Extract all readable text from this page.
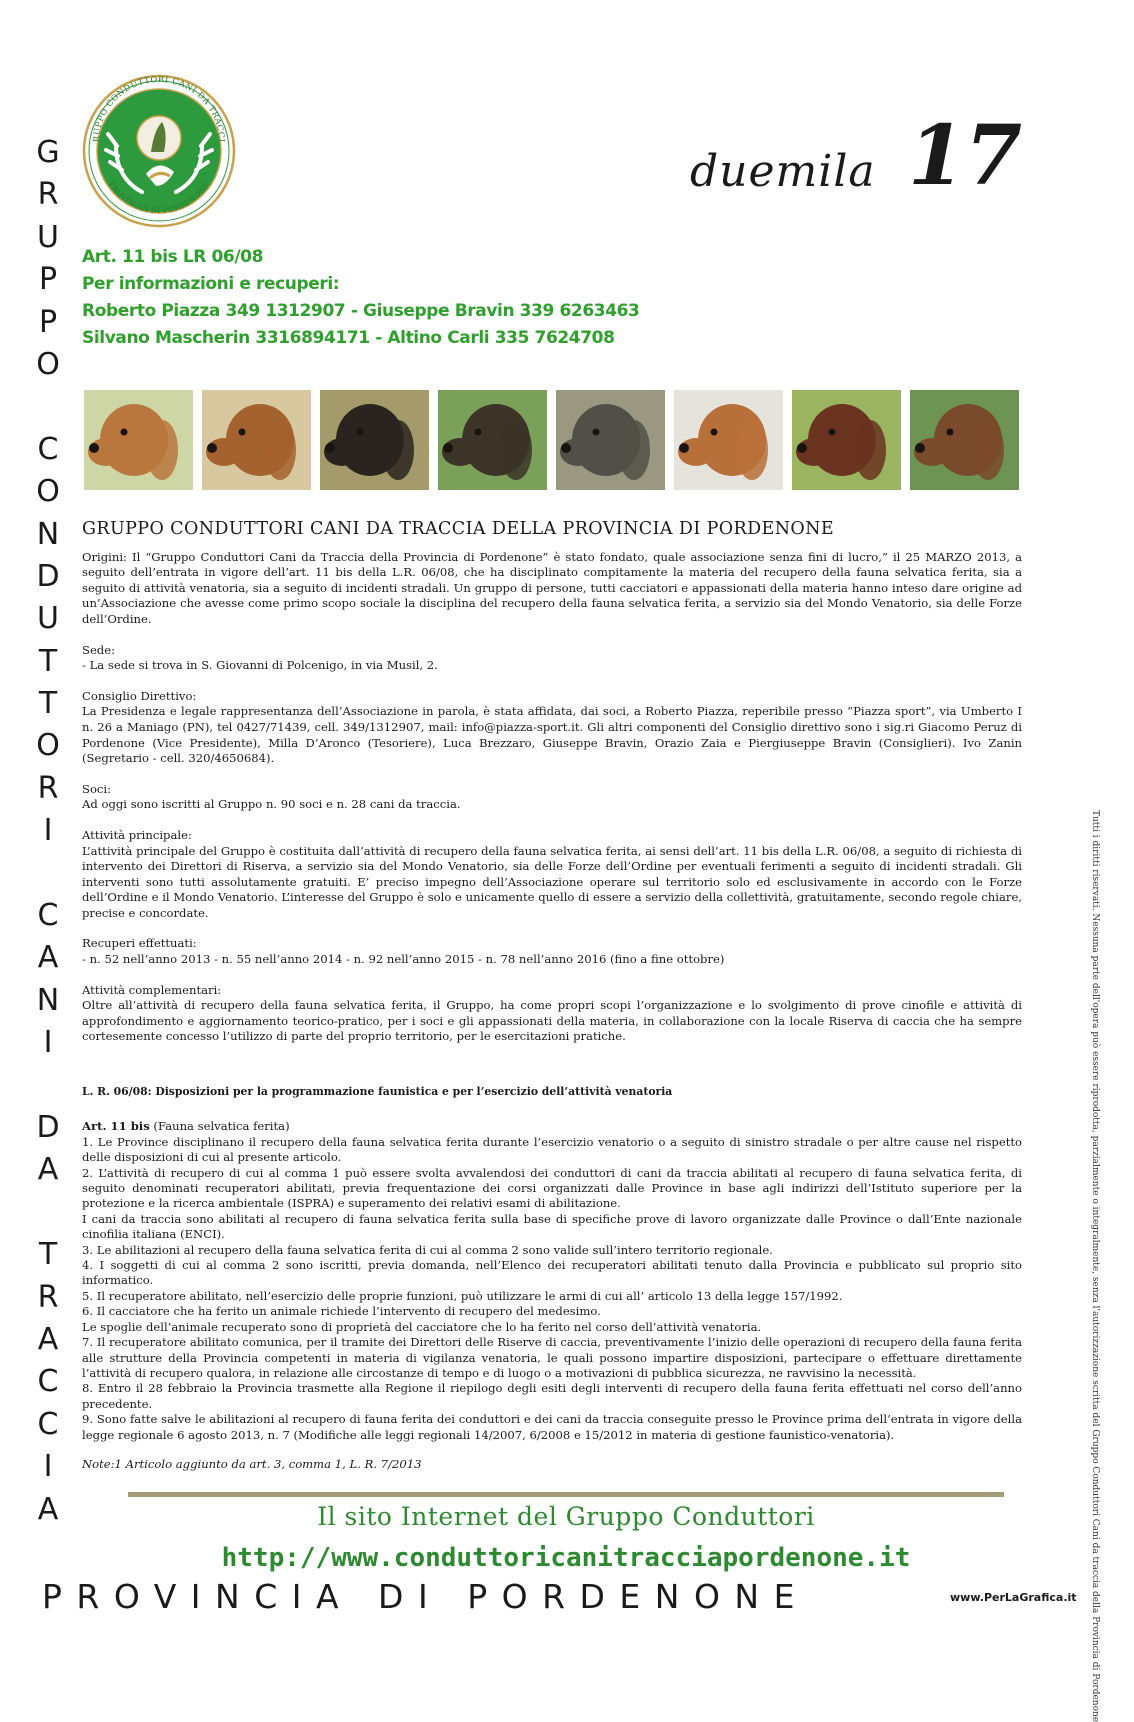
G
R
U
P
P
O
C
O
N
D
U
T
T
O
R
I
C
A
N
I
D
A
T
R
A
C
C
I
A
RUPPO CONDUTTORI CANI DA TRACCI
PROVINCIA DI PORDENONE	duemila 17
Art. 11 bis LR 06/08
Per informazioni e recuperi:
Roberto Piazza 349 1312907 - Giuseppe Bravin 339 6263463
Silvano Mascherin 3316894171 - Altino Carli 335 7624708
GRUPPO CONDUTTORI CANI DA TRACCIA DELLA PROVINCIA DI PORDENONE

Origini: Il “Gruppo Conduttori Cani da Traccia della Provincia di Pordenone” è stato fondato, quale associazione senza fini di lucro,” il 25 MARZO 2013, a seguito dell’entrata in vigore dell’art. 11 bis della L.R. 06/08, che ha disciplinato compitamente la materia del recupero della fauna selvatica ferita, sia a seguito di attività venatoria, sia a seguito di incidenti stradali. Un gruppo di persone, tutti cacciatori e appassionati della materia hanno inteso dare origine ad un’Associazione che avesse come primo scopo sociale la disciplina del recupero della fauna selvatica ferita, a servizio sia del Mondo Venatorio, sia delle Forze dell’Ordine.

Sede:

- La sede si trova in S. Giovanni di Polcenigo, in via Musil, 2.

Consiglio Direttivo:

La Presidenza e legale rappresentanza dell’Associazione in parola, è stata affidata, dai soci, a Roberto Piazza, reperibile presso “Piazza sport”, via Umberto I n. 26 a Maniago (PN), tel 0427/71439, cell. 349/1312907, mail: info@piazza-sport.it. Gli altri componenti del Consiglio direttivo sono i sig.ri Giacomo Peruz di Pordenone (Vice Presidente), Milla D’Aronco (Tesoriere), Luca Brezzaro, Giuseppe Bravin, Orazio Zaia e Piergiuseppe Bravin (Consiglieri). Ivo Zanin (Segretario - cell. 320/4650684).

Soci:

Ad oggi sono iscritti al Gruppo n. 90 soci e n. 28 cani da traccia.

Attività principale:

L’attività principale del Gruppo è costituita dall’attività di recupero della fauna selvatica ferita, ai sensi dell’art. 11 bis della L.R. 06/08, a seguito di richiesta di intervento dei Direttori di Riserva, a servizio sia del Mondo Venatorio, sia delle Forze dell’Ordine per eventuali ferimenti a seguito di incidenti stradali. Gli interventi sono tutti assolutamente gratuiti. E’ preciso impegno dell’Associazione operare sul territorio solo ed esclusivamente in accordo con le Forze dell’Ordine e il Mondo Venatorio. L’interesse del Gruppo è solo e unicamente quello di essere a servizio della collettività, gratuitamente, secondo regole chiare, precise e concordate.

Recuperi effettuati:

- n. 52 nell’anno 2013 - n. 55 nell’anno 2014 - n. 92 nell’anno 2015 - n. 78 nell’anno 2016 (fino a fine ottobre)

Attività complementari:

Oltre all’attività di recupero della fauna selvatica ferita, il Gruppo, ha come propri scopi l’organizzazione e lo svolgimento di prove cinofile e attività di approfondimento e aggiornamento teorico-pratico, per i soci e gli appassionati della materia, in collaborazione con la locale Riserva di caccia che ha sempre cortesemente concesso l’utilizzo di parte del proprio territorio, per le esercitazioni pratiche.

L. R. 06/08: Disposizioni per la programmazione faunistica e per l’esercizio dell’attività venatoria
Art. 11 bis (Fauna selvatica ferita)

1. Le Province disciplinano il recupero della fauna selvatica ferita durante l’esercizio venatorio o a seguito di sinistro stradale o per altre cause nel rispetto delle disposizioni di cui al presente articolo.

2. L’attività di recupero di cui al comma 1 può essere svolta avvalendosi dei conduttori di cani da traccia abilitati al recupero di fauna selvatica ferita, di seguito denominati recuperatori abilitati, previa frequentazione dei corsi organizzati dalle Province in base agli indirizzi dell’Istituto superiore per la protezione e la ricerca ambientale (ISPRA) e superamento dei relativi esami di abilitazione.

I cani da traccia sono abilitati al recupero di fauna selvatica ferita sulla base di specifiche prove di lavoro organizzate dalle Province o dall’Ente nazionale cinofilia italiana (ENCI).

3. Le abilitazioni al recupero della fauna selvatica ferita di cui al comma 2 sono valide sull’intero territorio regionale.

4. I soggetti di cui al comma 2 sono iscritti, previa domanda, nell’Elenco dei recuperatori abilitati tenuto dalla Provincia e pubblicato sul proprio sito informatico.

5. Il recuperatore abilitato, nell’esercizio delle proprie funzioni, può utilizzare le armi di cui all’ articolo 13 della legge 157/1992.

6. Il cacciatore che ha ferito un animale richiede l’intervento di recupero del medesimo.

Le spoglie dell’animale recuperato sono di proprietà del cacciatore che lo ha ferito nel corso dell’attività venatoria.

7. Il recuperatore abilitato comunica, per il tramite dei Direttori delle Riserve di caccia, preventivamente l’inizio delle operazioni di recupero della fauna ferita alle strutture della Provincia competenti in materia di vigilanza venatoria, le quali possono impartire disposizioni, partecipare o effettuare direttamente l’attività di recupero qualora, in relazione alle circostanze di tempo e di luogo o a motivazioni di pubblica sicurezza, ne ravvisino la necessità.

8. Entro il 28 febbraio la Provincia trasmette alla Regione il riepilogo degli esiti degli interventi di recupero della fauna ferita effettuati nel corso dell’anno precedente.

9. Sono fatte salve le abilitazioni al recupero di fauna ferita dei conduttori e dei cani da traccia conseguite presso le Province prima dell’entrata in vigore della legge regionale 6 agosto 2013, n. 7 (Modifiche alle leggi regionali 14/2007, 6/2008 e 15/2012 in materia di gestione faunistico-venatoria).

Note:1 Articolo aggiunto da art. 3, comma 1, L. R. 7/2013

Il sito Internet del Gruppo Conduttori
http://www.conduttoricanitracciapordenone.it
PROVINCIA DI PORDENONE	www.PerLaGrafica.it Tutti i diritti riservati. Nessuna parte dell'opera può essere riprodotta, parzialmente o integralmente, senza l'autorizzazione scritta del Gruppo Conduttori Cani da traccia della Provincia di Pordenone
